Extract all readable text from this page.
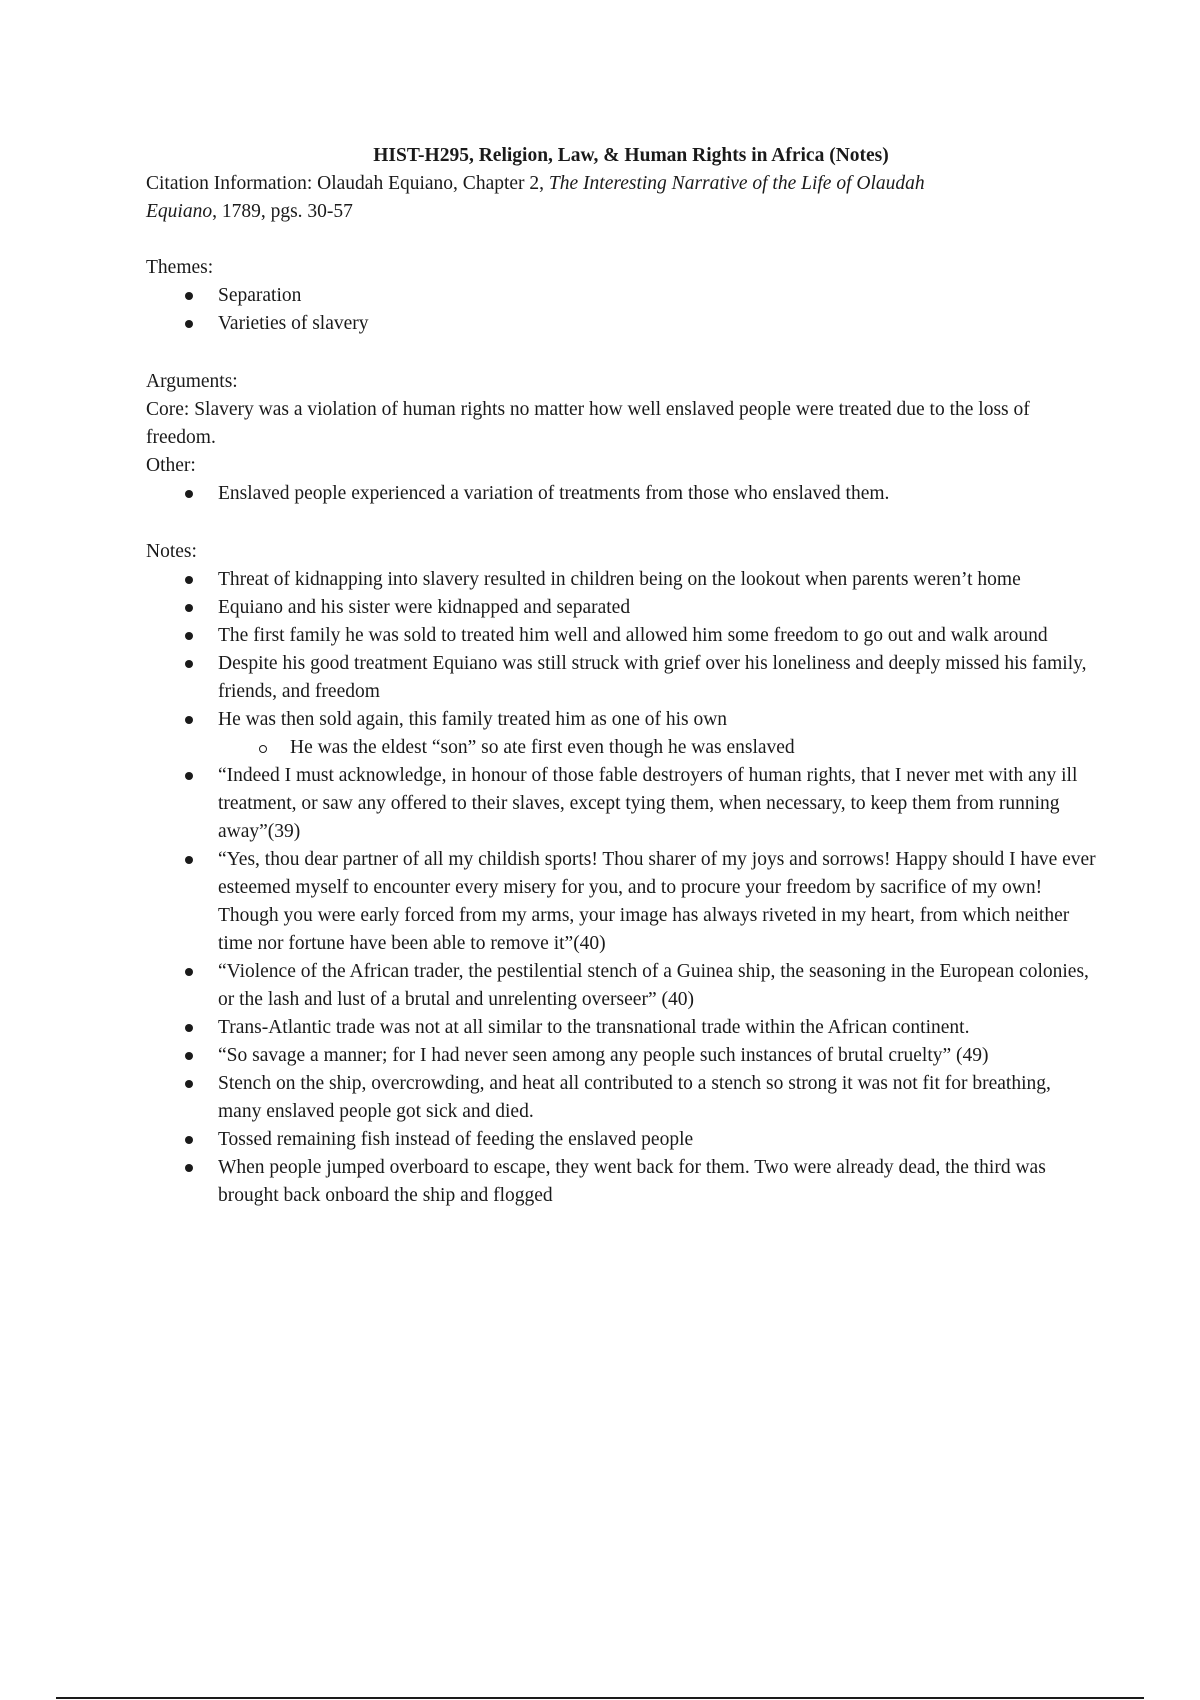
HIST-H295, Religion, Law, & Human Rights in Africa (Notes)

Citation Information: Olaudah Equiano, Chapter 2, The Interesting Narrative of the Life of Olaudah
Equiano, 1789, pgs. 30-57

Themes:

Separation
Varieties of slavery

Arguments:

Core: Slavery was a violation of human rights no matter how well enslaved people were treated due to the loss of freedom.

Other:

Enslaved people experienced a variation of treatments from those who enslaved them.

Notes:

Threat of kidnapping into slavery resulted in children being on the lookout when parents weren’t home
Equiano and his sister were kidnapped and separated
The first family he was sold to treated him well and allowed him some freedom to go out and walk around
Despite his good treatment Equiano was still struck with grief over his loneliness and deeply missed his family, friends, and freedom
He was then sold again, this family treated him as one of his own
He was the eldest “son” so ate first even though he was enslaved
“Indeed I must acknowledge, in honour of those fable destroyers of human rights, that I never met with any ill treatment, or saw any offered to their slaves, except tying them, when necessary, to keep them from running away”(39)
“Yes, thou dear partner of all my childish sports! Thou sharer of my joys and sorrows! Happy should I have ever esteemed myself to encounter every misery for you, and to procure your freedom by sacrifice of my own! Though you were early forced from my arms, your image has always riveted in my heart, from which neither time nor fortune have been able to remove it”(40)
“Violence of the African trader, the pestilential stench of a Guinea ship, the seasoning in the European colonies, or the lash and lust of a brutal and unrelenting overseer” (40)
Trans-Atlantic trade was not at all similar to the transnational trade within the African continent.
“So savage a manner; for I had never seen among any people such instances of brutal cruelty” (49)
Stench on the ship, overcrowding, and heat all contributed to a stench so strong it was not fit for breathing, many enslaved people got sick and died.
Tossed remaining fish instead of feeding the enslaved people
When people jumped overboard to escape, they went back for them. Two were already dead, the third was brought back onboard the ship and flogged
